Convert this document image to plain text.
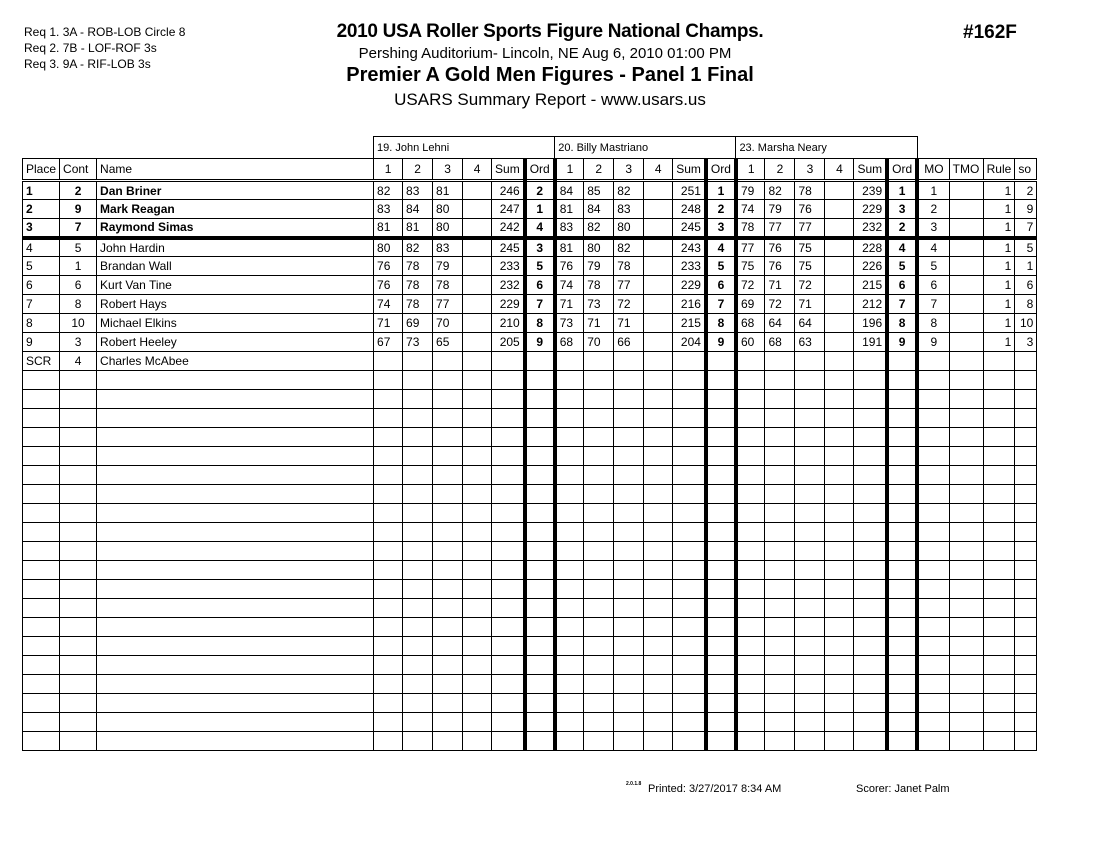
Req 1. 3A - ROB-LOB Circle 8
Req 2. 7B - LOF-ROF 3s
Req 3. 9A - RIF-LOB 3s
2010 USA Roller Sports Figure National Champs.
Pershing Auditorium- Lincoln, NE Aug 6, 2010 01:00 PM
Premier A Gold Men Figures - Panel 1 Final
USARS Summary Report - www.usars.us
#162F
			19. John Lehni						20. Billy Mastriano						23. Marsha Neary									
Place	Cont	Name	1	2	3	4	Sum	Ord	1	2	3	4	Sum	Ord	1	2	3	4	Sum	Ord	MO	TMO	Rule	so
1	2	Dan Briner	82	83	81		246	2	84	85	82		251	1	79	82	78		239	1	1		1	2
2	9	Mark Reagan	83	84	80		247	1	81	84	83		248	2	74	79	76		229	3	2		1	9
3	7	Raymond Simas	81	81	80		242	4	83	82	80		245	3	78	77	77		232	2	3		1	7
4	5	John Hardin	80	82	83		245	3	81	80	82		243	4	77	76	75		228	4	4		1	5
5	1	Brandan Wall	76	78	79		233	5	76	79	78		233	5	75	76	75		226	5	5		1	1
6	6	Kurt Van Tine	76	78	78		232	6	74	78	77		229	6	72	71	72		215	6	6		1	6
7	8	Robert Hays	74	78	77		229	7	71	73	72		216	7	69	72	71		212	7	7		1	8
8	10	Michael Elkins	71	69	70		210	8	73	71	71		215	8	68	64	64		196	8	8		1	10
9	3	Robert Heeley	67	73	65		205	9	68	70	66		204	9	60	68	63		191	9	9		1	3
SCR	4	Charles McAbee																						

2.0.1.8 Printed: 3/27/2017 8:34 AM	Scorer: Janet Palm
